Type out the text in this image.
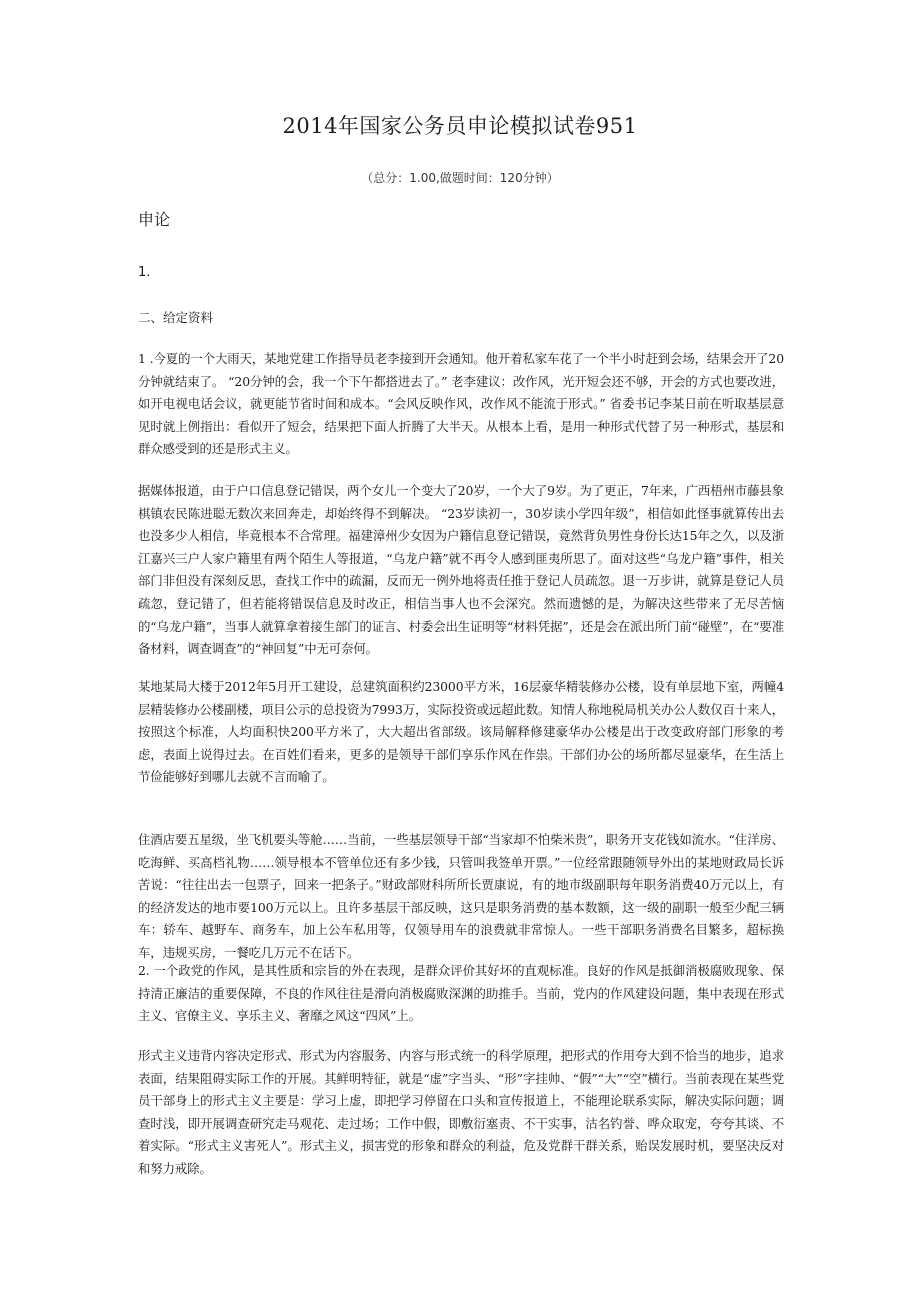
2014年国家公务员申论模拟试卷951
（总分：1.00,做题时间：120分钟）
申论
1.
二、给定资料

1 .今夏的一个大雨天，某地党建工作指导员老李接到开会通知。他开着私家车花了一个半小时赶到会场，结果会开了20分钟就结束了。 “20分钟的会，我一个下午都搭进去了。” 老李建议：改作风，光开短会还不够，开会的方式也要改进，如开电视电话会议，就更能节省时间和成本。“会风反映作风，改作风不能流于形式。” 省委书记李某日前在听取基层意见时就上例指出：看似开了短会，结果把下面人折腾了大半天。从根本上看，是用一种形式代替了另一种形式，基层和群众感受到的还是形式主义。

据媒体报道，由于户口信息登记错误，两个女儿一个变大了20岁，一个大了9岁。为了更正，7年来，广西梧州市藤县象棋镇农民陈进聪无数次来回奔走，却始终得不到解决。 “23岁读初一，30岁读小学四年级”，相信如此怪事就算传出去也没多少人相信，毕竟根本不合常理。福建漳州少女因为户籍信息登记错误，竟然背负男性身份长达15年之久，以及浙江嘉兴三户人家户籍里有两个陌生人等报道，“乌龙户籍”就不再令人感到匪夷所思了。面对这些“乌龙户籍”事件，相关部门非但没有深刻反思，查找工作中的疏漏，反而无一例外地将责任推于登记人员疏忽。退一万步讲，就算是登记人员疏忽，登记错了，但若能将错误信息及时改正，相信当事人也不会深究。然而遗憾的是，为解决这些带来了无尽苦恼的“乌龙户籍”，当事人就算拿着接生部门的证言、村委会出生证明等“材料凭据”，还是会在派出所门前“碰壁”，在“要准备材料，调查调查”的“神回复”中无可奈何。

某地某局大楼于2012年5月开工建设，总建筑面积约23000平方米，16层豪华精装修办公楼，设有单层地下室，两幢4层精装修办公楼副楼，项目公示的总投资为7993万，实际投资或远超此数。知情人称地税局机关办公人数仅百十来人，按照这个标准，人均面积快200平方米了，大大超出省部级。该局解释修建豪华办公楼是出于改变政府部门形象的考虑，表面上说得过去。在百姓们看来，更多的是领导干部们享乐作风在作祟。干部们办公的场所都尽显豪华，在生活上节俭能够好到哪儿去就不言而喻了。

住酒店要五星级，坐飞机要头等舱……当前，一些基层领导干部“当家却不怕柴米贵”，职务开支花钱如流水。“住洋房、吃海鲜、买高档礼物……领导根本不管单位还有多少钱，只管叫我签单开票。”一位经常跟随领导外出的某地财政局长诉苦说：“往往出去一包票子，回来一把条子。”财政部财科所所长贾康说，有的地市级副职每年职务消费40万元以上，有的经济发达的地市要100万元以上。且许多基层干部反映，这只是职务消费的基本数额，这一级的副职一般至少配三辆车：轿车、越野车、商务车，加上公车私用等，仅领导用车的浪费就非常惊人。一些干部职务消费名目繁多，超标换车，违规买房，一餐吃几万元不在话下。

2. 一个政党的作风，是其性质和宗旨的外在表现，是群众评价其好坏的直观标准。良好的作风是抵御消极腐败现象、保持清正廉洁的重要保障，不良的作风往往是滑向消极腐败深渊的助推手。当前，党内的作风建设问题，集中表现在形式主义、官僚主义、享乐主义、奢靡之风这“四风”上。

形式主义违背内容决定形式、形式为内容服务、内容与形式统一的科学原理，把形式的作用夸大到不恰当的地步，追求表面，结果阻碍实际工作的开展。其鲜明特征，就是“虚”字当头、“形”字挂帅、“假”“大”“空”横行。当前表现在某些党员干部身上的形式主义主要是：学习上虚，即把学习停留在口头和宣传报道上，不能理论联系实际，解决实际问题；调查时浅，即开展调查研究走马观花、走过场；工作中假，即敷衍塞责、不干实事，沽名钓誉、哗众取宠，夸夸其谈、不着实际。“形式主义害死人”。形式主义，损害党的形象和群众的利益，危及党群干群关系，贻误发展时机，要坚决反对和努力戒除。
